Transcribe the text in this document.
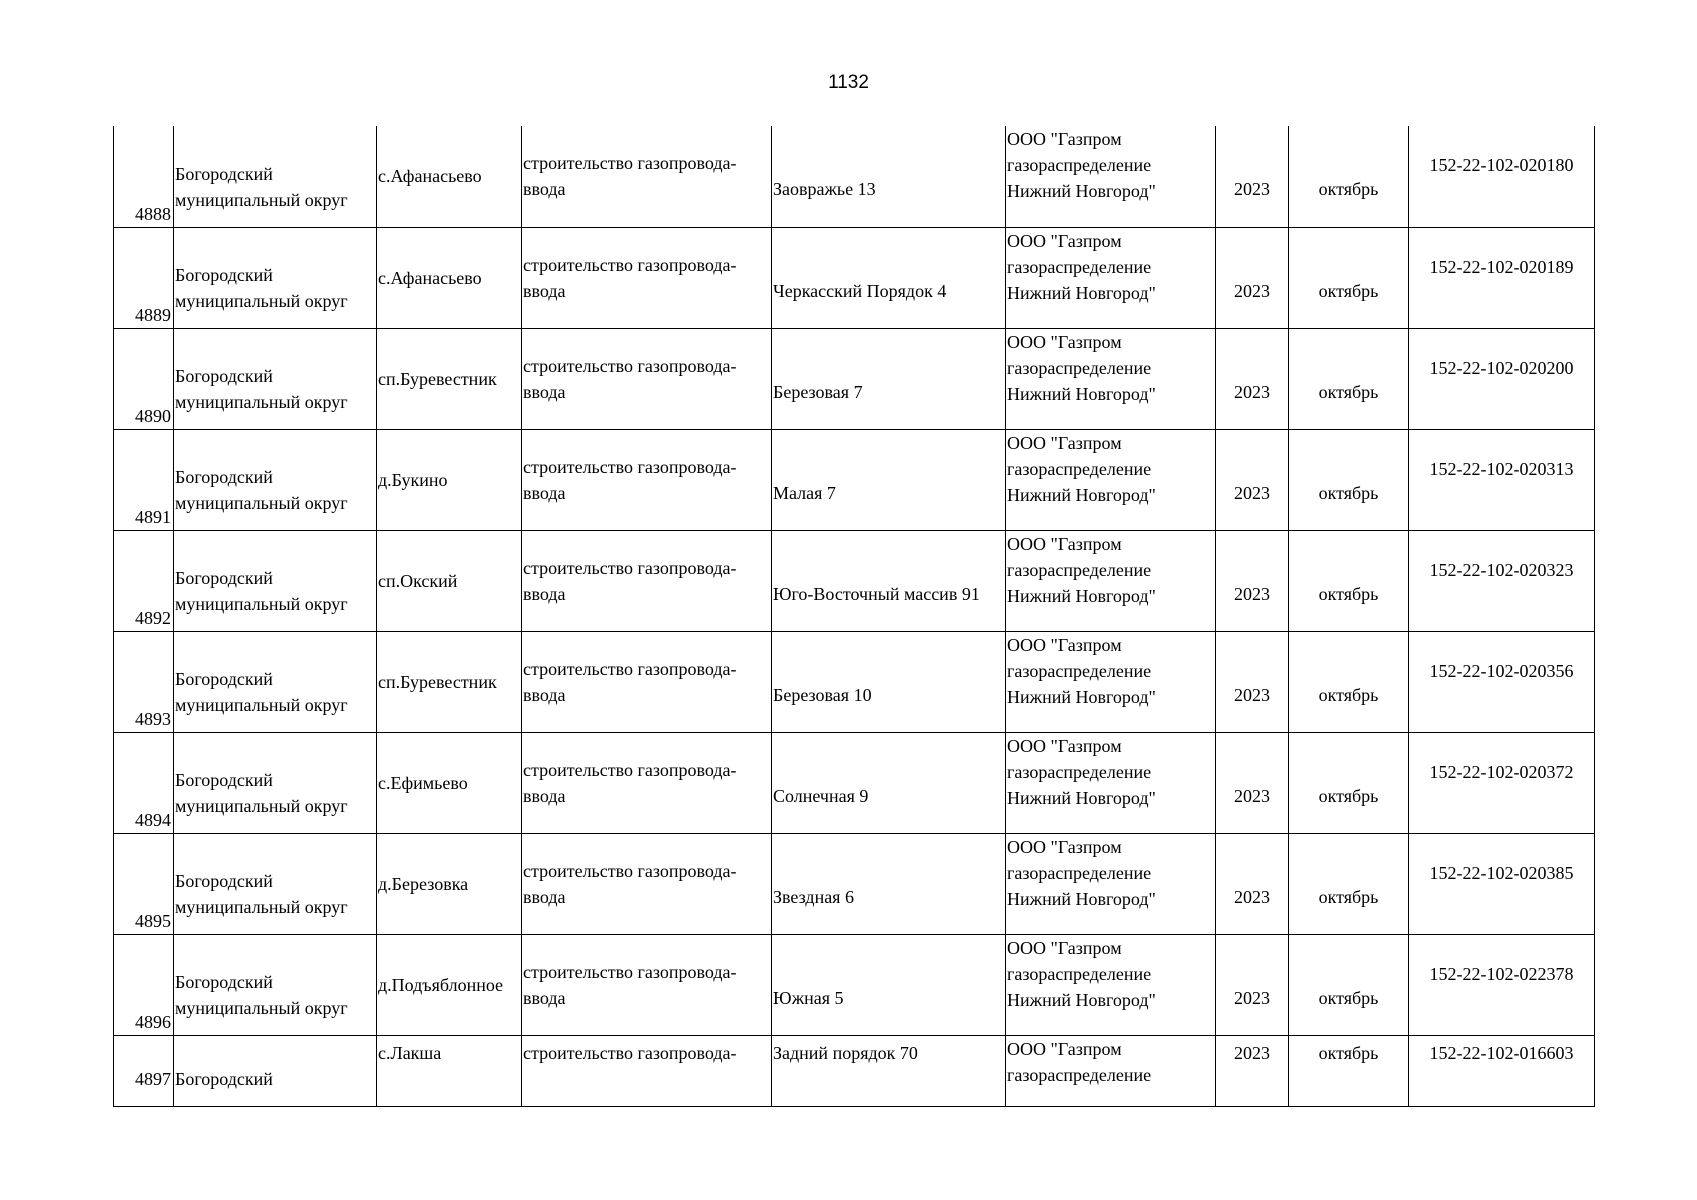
1132
4888	Богородский муниципальный округ	с.Афанасьево	строительство газопровода-ввода	Заовражье 13	ООО "Газпром
газораспределение
Нижний Новгород"	2023	октябрь	152-22-102-020180

4889	Богородский муниципальный округ	с.Афанасьево	строительство газопровода-ввода	Черкасский Порядок 4	ООО "Газпром
газораспределение
Нижний Новгород"	2023	октябрь	152-22-102-020189

4890	Богородский муниципальный округ	сп.Буревестник	строительство газопровода-ввода	Березовая 7	ООО "Газпром
газораспределение
Нижний Новгород"	2023	октябрь	152-22-102-020200

4891	Богородский муниципальный округ	д.Букино	строительство газопровода-ввода	Малая 7	ООО "Газпром
газораспределение
Нижний Новгород"	2023	октябрь	152-22-102-020313

4892	Богородский муниципальный округ	сп.Окский	строительство газопровода-ввода	Юго-Восточный массив 91	ООО "Газпром
газораспределение
Нижний Новгород"	2023	октябрь	152-22-102-020323

4893	Богородский муниципальный округ	сп.Буревестник	строительство газопровода-ввода	Березовая 10	ООО "Газпром
газораспределение
Нижний Новгород"	2023	октябрь	152-22-102-020356

4894	Богородский муниципальный округ	с.Ефимьево	строительство газопровода-ввода	Солнечная 9	ООО "Газпром
газораспределение
Нижний Новгород"	2023	октябрь	152-22-102-020372

4895	Богородский муниципальный округ	д.Березовка	строительство газопровода-ввода	Звездная 6	ООО "Газпром
газораспределение
Нижний Новгород"	2023	октябрь	152-22-102-020385

4896	Богородский муниципальный округ	д.Подъяблонное	строительство газопровода-ввода	Южная 5	ООО "Газпром
газораспределение
Нижний Новгород"	2023	октябрь	152-22-102-022378

4897	Богородский	с.Лакша	строительство газопровода-	Задний порядок 70	ООО "Газпром
газораспределение	2023	октябрь	152-22-102-016603
